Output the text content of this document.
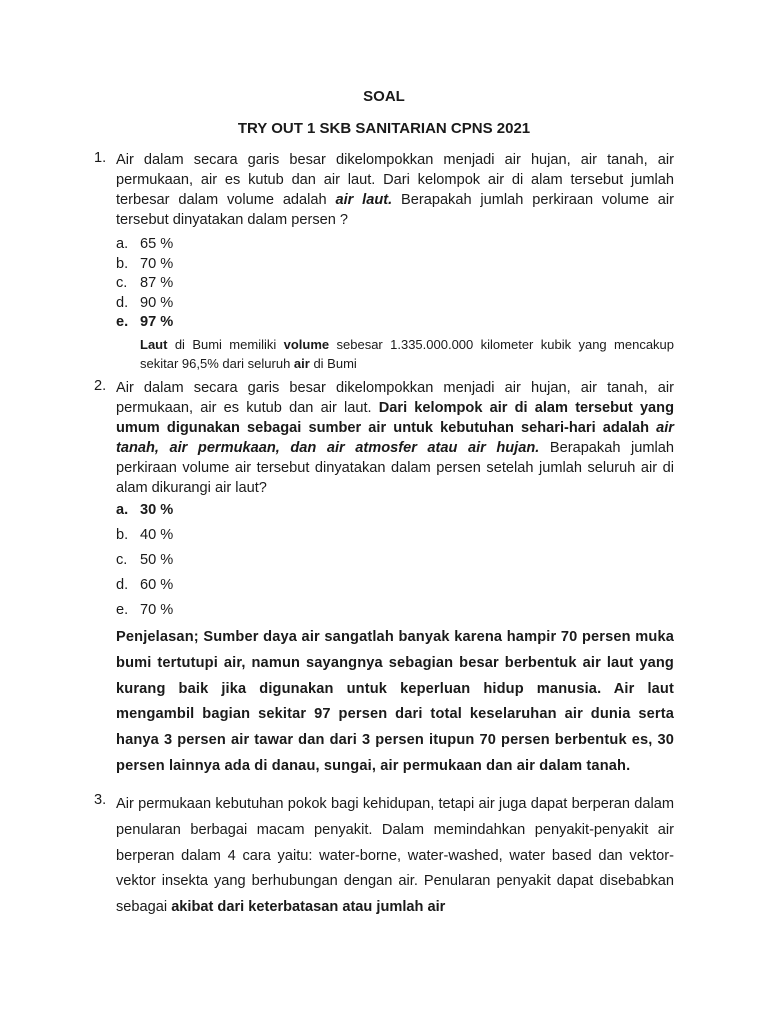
SOAL
TRY OUT 1 SKB SANITARIAN CPNS 2021
1. Air dalam secara garis besar dikelompokkan menjadi air hujan, air tanah, air permukaan, air es kutub dan air laut. Dari kelompok air di alam tersebut jumlah terbesar dalam volume adalah air laut. Berapakah jumlah perkiraan volume air tersebut dinyatakan dalam persen ?
a. 65 %
b. 70 %
c. 87 %
d. 90 %
e. 97 %
Laut di Bumi memiliki volume sebesar 1.335.000.000 kilometer kubik yang mencakup sekitar 96,5% dari seluruh air di Bumi
2. Air dalam secara garis besar dikelompokkan menjadi air hujan, air tanah, air permukaan, air es kutub dan air laut. Dari kelompok air di alam tersebut yang umum digunakan sebagai sumber air untuk kebutuhan sehari-hari adalah air tanah, air permukaan, dan air atmosfer atau air hujan. Berapakah jumlah perkiraan volume air tersebut dinyatakan dalam persen setelah jumlah seluruh air di alam dikurangi air laut?
a. 30 %
b. 40 %
c. 50 %
d. 60 %
e. 70 %
Penjelasan; Sumber daya air sangatlah banyak karena hampir 70 persen muka bumi tertutupi air, namun sayangnya sebagian besar berbentuk air laut yang kurang baik jika digunakan untuk keperluan hidup manusia. Air laut mengambil bagian sekitar 97 persen dari total keselaruhan air dunia serta hanya 3 persen air tawar dan dari 3 persen itupun 70 persen berbentuk es, 30 persen lainnya ada di danau, sungai, air permukaan dan air dalam tanah.
3. Air permukaan kebutuhan pokok bagi kehidupan, tetapi air juga dapat berperan dalam penularan berbagai macam penyakit. Dalam memindahkan penyakit-penyakit air berperan dalam 4 cara yaitu: water-borne, water-washed, water based dan vektor-vektor insekta yang berhubungan dengan air. Penularan penyakit dapat disebabkan sebagai akibat dari keterbatasan atau jumlah air
